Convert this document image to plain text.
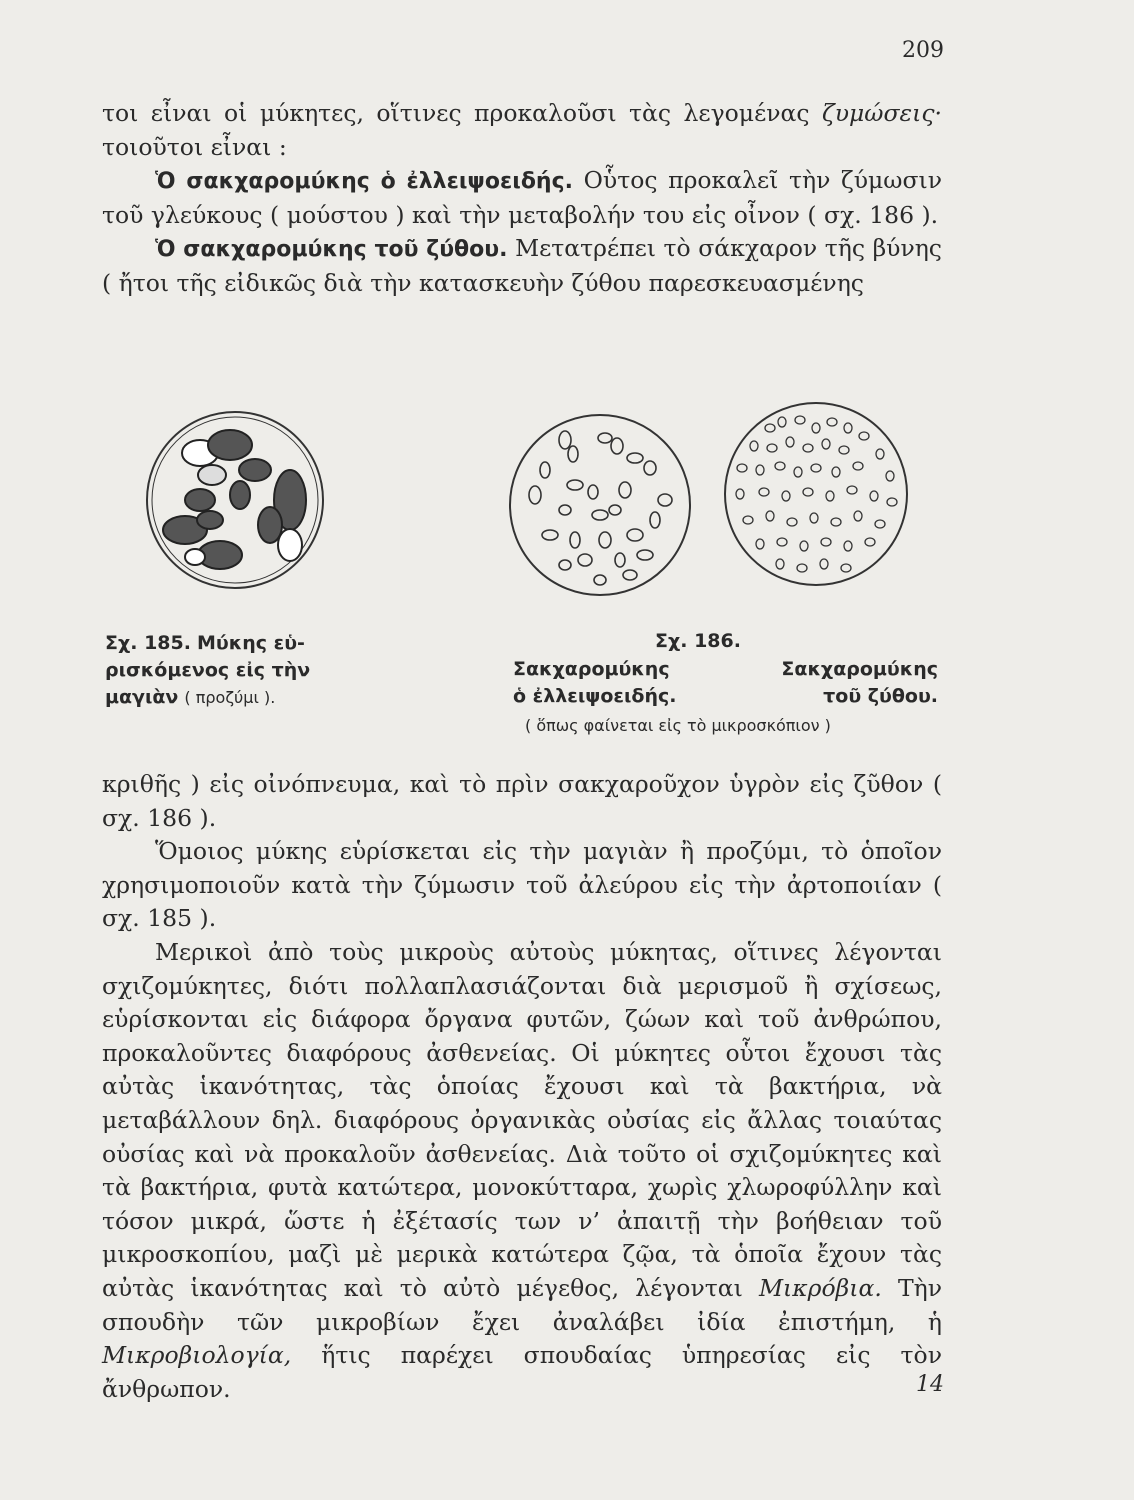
209

τοι εἶναι οἱ μύκητες, οἵτινες προκαλοῦσι τὰς λεγομένας ζυμώσεις· τοιοῦτοι εἶναι :

Ὁ σακχαρομύκης ὁ ἐλλειψοειδής. Οὗτος προκαλεῖ τὴν ζύμωσιν τοῦ γλεύκους ( μούστου ) καὶ τὴν μεταβολήν του εἰς οἶνον ( σχ. 186 ).

Ὁ σακχαρομύκης τοῦ ζύθου. Μετατρέπει τὸ σάκχαρον τῆς βύνης ( ἤτοι τῆς εἰδικῶς διὰ τὴν κατασκευὴν ζύθου παρεσκευασμένης

Σχ. 185. Μύκης εὑ-
ρισκόμενος εἰς τὴν
μαγιὰν ( προζύμι ).
Σχ. 186.
Σακχαρομύκης
ὁ ἐλλειψοειδής.
Σακχαρομύκης
τοῦ ζύθου.
( ὅπως φαίνεται εἰς τὸ μικροσκόπιον )

κριθῆς ) εἰς οἰνόπνευμα, καὶ τὸ πρὶν σακχαροῦχον ὑγρὸν εἰς ζῦθον ( σχ. 186 ).

Ὅμοιος μύκης εὑρίσκεται εἰς τὴν μαγιὰν ἢ προζύμι, τὸ ὁποῖον χρησιμοποιοῦν κατὰ τὴν ζύμωσιν τοῦ ἀλεύρου εἰς τὴν ἀρτοποιίαν ( σχ. 185 ).

Μερικοὶ ἀπὸ τοὺς μικροὺς αὐτοὺς μύκητας, οἵτινες λέγονται σχιζομύκητες, διότι πολλαπλασιάζονται διὰ μερισμοῦ ἢ σχίσεως, εὑρίσκονται εἰς διάφορα ὄργανα φυτῶν, ζώων καὶ τοῦ ἀνθρώπου, προκαλοῦντες διαφόρους ἀσθενείας. Οἱ μύκητες οὗτοι ἔχουσι τὰς αὐτὰς ἱκανότητας, τὰς ὁποίας ἔχουσι καὶ τὰ βακτήρια, νὰ μεταβάλλουν δηλ. διαφόρους ὀργανικὰς οὐσίας εἰς ἄλλας τοιαύτας οὐσίας καὶ νὰ προκαλοῦν ἀσθενείας. Διὰ τοῦτο οἱ σχιζομύκητες καὶ τὰ βακτήρια, φυτὰ κατώτερα, μονοκύτταρα, χωρὶς χλωροφύλλην καὶ τόσον μικρά, ὥστε ἡ ἐξέτασίς των ν’ ἀπαιτῇ τὴν βοήθειαν τοῦ μικροσκοπίου, μαζὶ μὲ μερικὰ κατώτερα ζῷα, τὰ ὁποῖα ἔχουν τὰς αὐτὰς ἱκανότητας καὶ τὸ αὐτὸ μέγεθος, λέγονται Μικρόβια. Τὴν σπουδὴν τῶν μικροβίων ἔχει ἀναλάβει ἰδία ἐπιστήμη, ἡ Μικροβιολογία, ἥτις παρέχει σπουδαίας ὑπηρεσίας εἰς τὸν ἄνθρωπον.	14
